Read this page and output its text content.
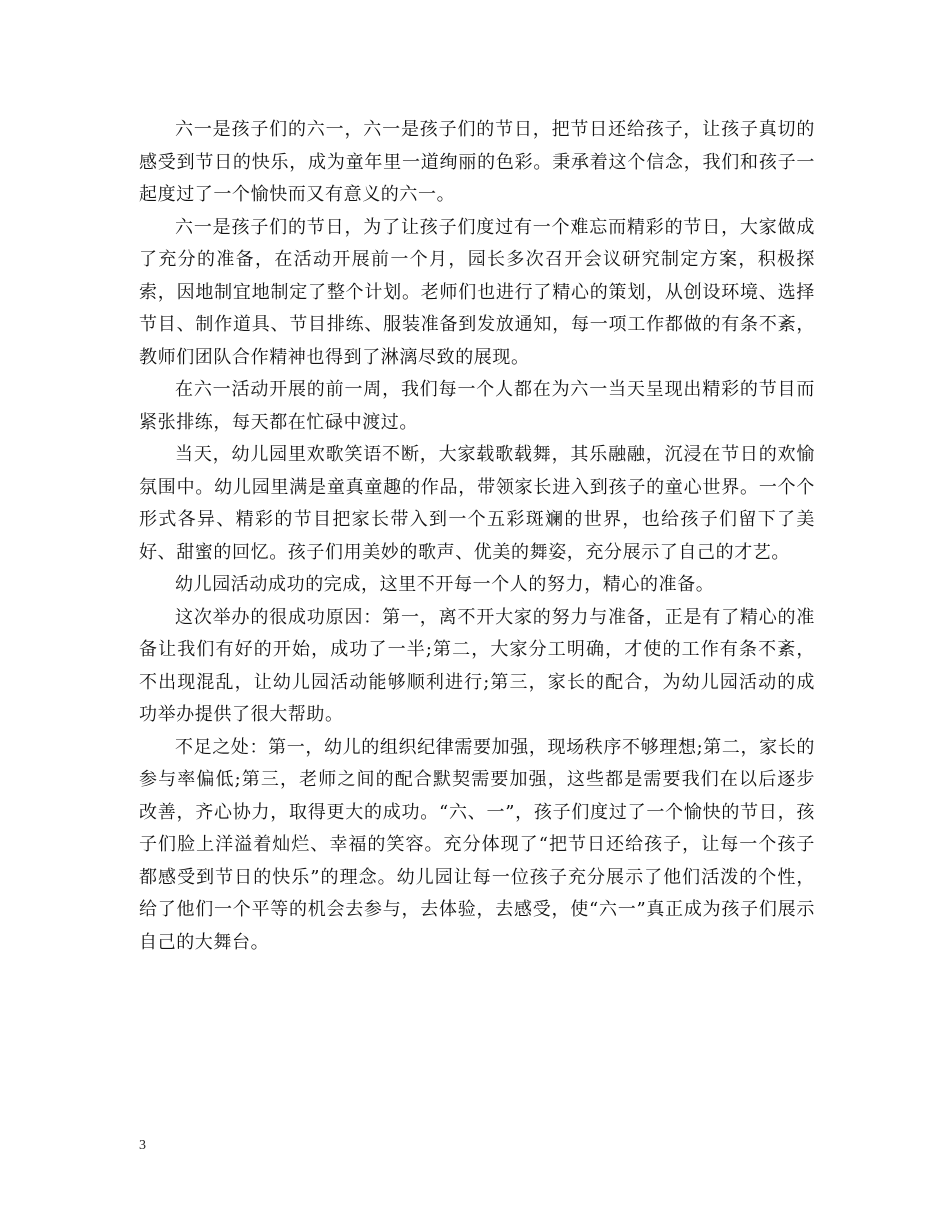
六一是孩子们的六一，六一是孩子们的节日，把节日还给孩子，让孩子真切的感受到节日的快乐，成为童年里一道绚丽的色彩。秉承着这个信念，我们和孩子一起度过了一个愉快而又有意义的六一。

六一是孩子们的节日，为了让孩子们度过有一个难忘而精彩的节日，大家做成了充分的准备，在活动开展前一个月，园长多次召开会议研究制定方案，积极探索，因地制宜地制定了整个计划。老师们也进行了精心的策划，从创设环境、选择节目、制作道具、节目排练、服装准备到发放通知，每一项工作都做的有条不紊，教师们团队合作精神也得到了淋漓尽致的展现。

在六一活动开展的前一周，我们每一个人都在为六一当天呈现出精彩的节目而紧张排练，每天都在忙碌中渡过。

当天，幼儿园里欢歌笑语不断，大家载歌载舞，其乐融融，沉浸在节日的欢愉氛围中。幼儿园里满是童真童趣的作品，带领家长进入到孩子的童心世界。一个个形式各异、精彩的节目把家长带入到一个五彩斑斓的世界，也给孩子们留下了美好、甜蜜的回忆。孩子们用美妙的歌声、优美的舞姿，充分展示了自己的才艺。

幼儿园活动成功的完成，这里不开每一个人的努力，精心的准备。

这次举办的很成功原因：第一，离不开大家的努力与准备，正是有了精心的准备让我们有好的开始，成功了一半;第二，大家分工明确，才使的工作有条不紊，不出现混乱，让幼儿园活动能够顺利进行;第三，家长的配合，为幼儿园活动的成功举办提供了很大帮助。

不足之处：第一，幼儿的组织纪律需要加强，现场秩序不够理想;第二，家长的参与率偏低;第三，老师之间的配合默契需要加强，这些都是需要我们在以后逐步改善，齐心协力，取得更大的成功。“六、一”，孩子们度过了一个愉快的节日，孩子们脸上洋溢着灿烂、幸福的笑容。充分体现了“把节日还给孩子，让每一个孩子都感受到节日的快乐”的理念。幼儿园让每一位孩子充分展示了他们活泼的个性，给了他们一个平等的机会去参与，去体验，去感受，使“六一”真正成为孩子们展示自己的大舞台。

3
